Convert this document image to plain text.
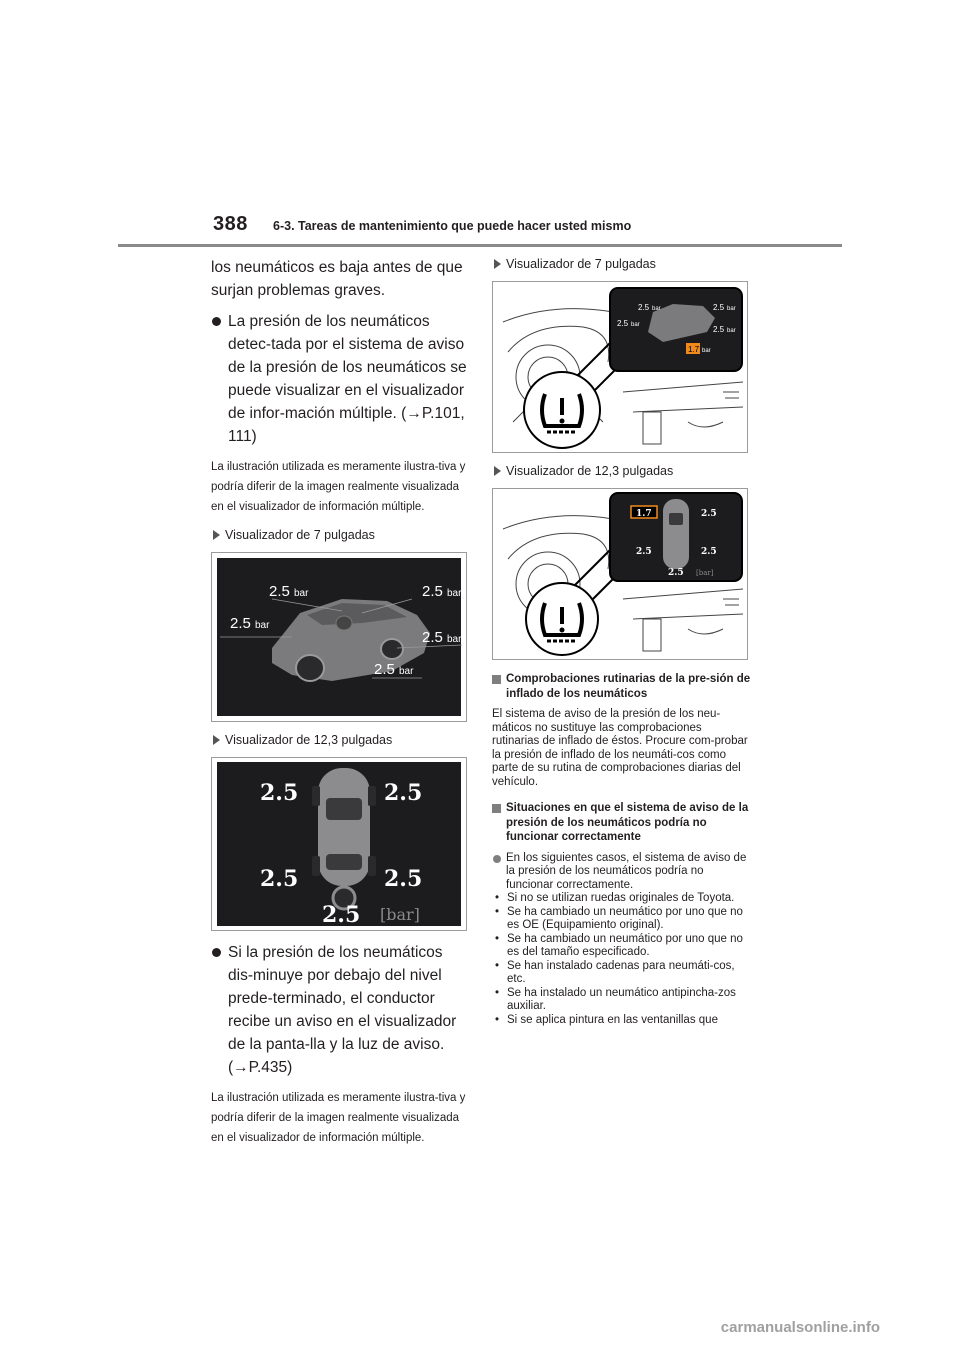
388 6-3. Tareas de mantenimiento que puede hacer usted mismo

los neumáticos es baja antes de que surjan problemas graves.

La presión de los neumáticos detec-tada por el sistema de aviso de la presión de los neumáticos se puede visualizar en el visualizador de infor-mación múltiple. (→P.101, 111)

La ilustración utilizada es meramente ilustra-tiva y podría diferir de la imagen realmente visualizada en el visualizador de información múltiple.

Visualizador de 7 pulgadas

2.5 bar	2.5 bar
2.5 bar
2.5 bar
2.5 bar

Visualizador de 12,3 pulgadas

2.5	2.5
2.5	2.5
2.5 [bar]

Si la presión de los neumáticos dis-minuye por debajo del nivel prede-terminado, el conductor recibe un aviso en el visualizador de la panta-lla y la luz de aviso. (→P.435)

La ilustración utilizada es meramente ilustra-tiva y podría diferir de la imagen realmente visualizada en el visualizador de información múltiple.

Visualizador de 7 pulgadas

2.5 bar	2.5 bar
2.5 bar	2.5 bar
1.7 bar

Visualizador de 12,3 pulgadas

1.7	2.5
2.5	2.5
2.5 [bar]
Comprobaciones rutinarias de la pre-sión de inflado de los neumáticos

El sistema de aviso de la presión de los neu-máticos no sustituye las comprobaciones rutinarias de inflado de éstos. Procure com-probar la presión de inflado de los neumáti-cos como parte de su rutina de comprobaciones diarias del vehículo.

Situaciones en que el sistema de aviso de la presión de los neumáticos podría no funcionar correctamente

En los siguientes casos, el sistema de aviso de la presión de los neumáticos podría no funcionar correctamente.

• Si no se utilizan ruedas originales de Toyota.
• Se ha cambiado un neumático por uno que no es OE (Equipamiento original).
• Se ha cambiado un neumático por uno que no es del tamaño especificado.
• Se han instalado cadenas para neumáti-cos, etc.
• Se ha instalado un neumático antipincha-zos auxiliar.
• Si se aplica pintura en las ventanillas que
carmanualsonline.info
